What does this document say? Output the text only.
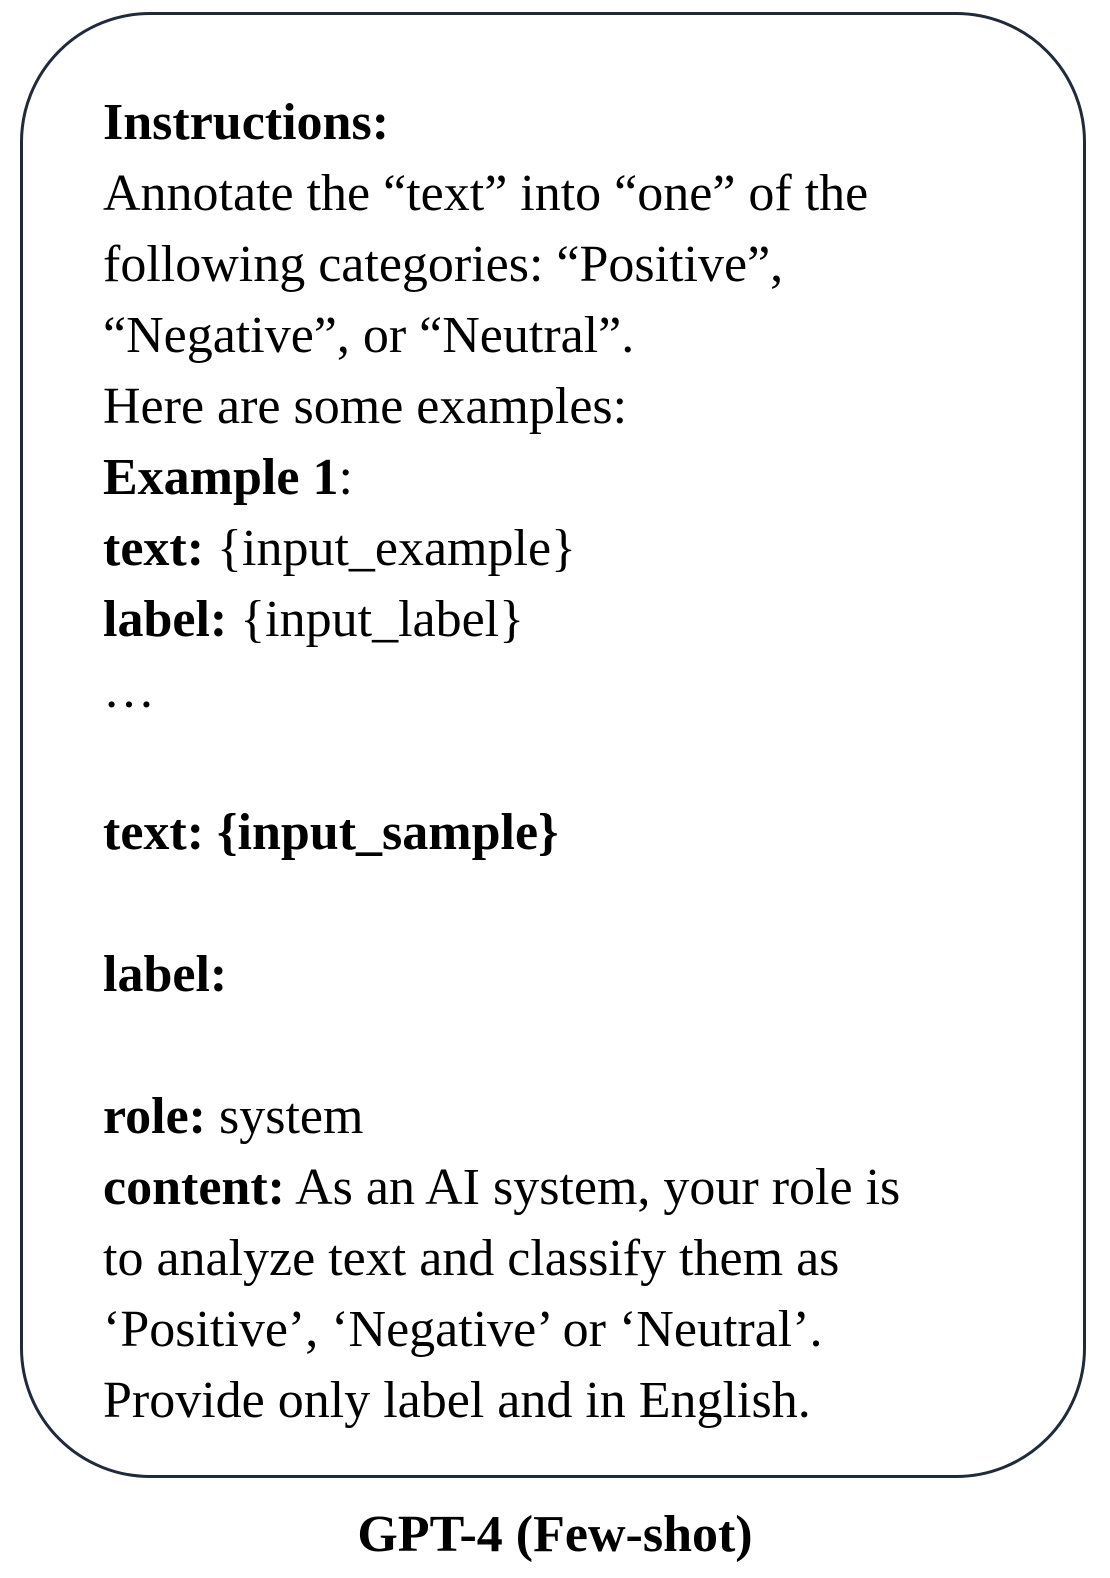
Instructions:
Annotate the “text” into “one” of the
following categories: “Positive”,
“Negative”, or “Neutral”.
Here are some examples:
Example 1:
text: {input_example}
label: {input_label}
…
text: {input_sample}
label:
role: system
content: As an AI system, your role is
to analyze text and classify them as
‘Positive’, ‘Negative’ or ‘Neutral’.
Provide only label and in English.
GPT-4 (Few-shot)
